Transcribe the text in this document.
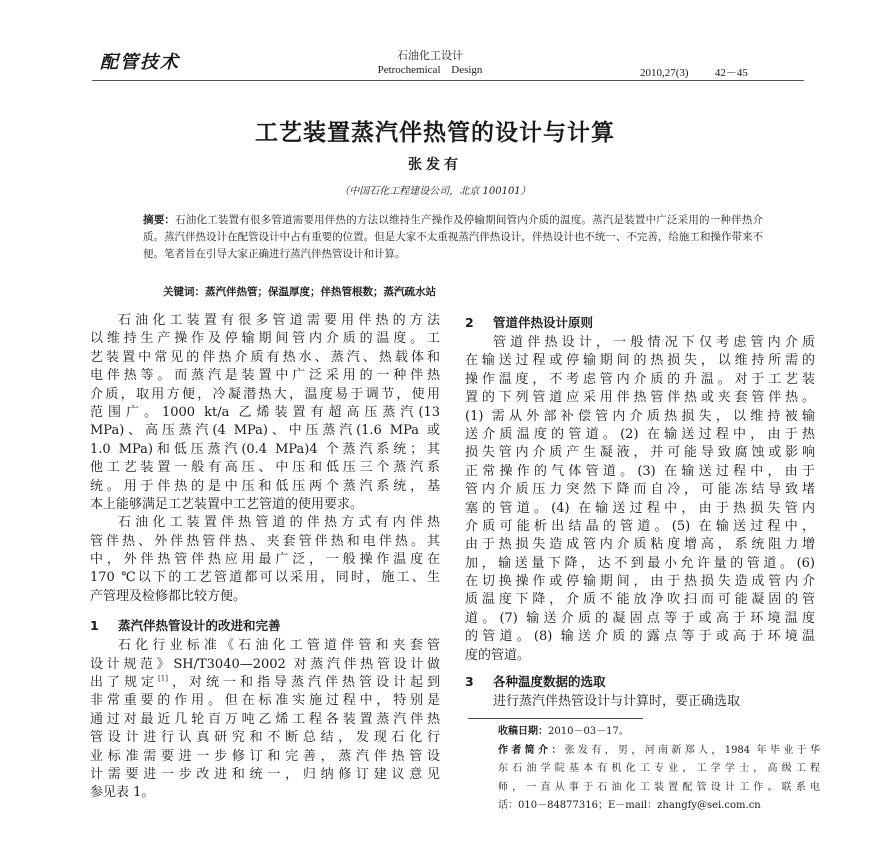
配管技术	石油化工设计
Petrochemical Design	2010,27(3) 42－45
工艺装置蒸汽伴热管的设计与计算
张发有
（中国石化工程建设公司，北京 100101）
摘要：石油化工装置有很多管道需要用伴热的方法以维持生产操作及停输期间管内介质的温度。蒸汽是装置中广泛采用的一种伴热介质。蒸汽伴热设计在配管设计中占有重要的位置。但是大家不太重视蒸汽伴热设计，伴热设计也不统一、不完善，给施工和操作带来不便。笔者旨在引导大家正确进行蒸汽伴热管设计和计算。
关键词：蒸汽伴热管；保温厚度；伴热管根数；蒸汽疏水站
石油化工装置有很多管道需要用伴热的方法
以维持生产操作及停输期间管内介质的温度。工
艺装置中常见的伴热介质有热水、蒸汽、热载体和
电伴热等。而蒸汽是装置中广泛采用的一种伴热
介质，取用方便，冷凝潜热大，温度易于调节，使用
范围广。1000 kt/a 乙烯装置有超高压蒸汽(13
MPa)、高压蒸汽(4 MPa)、中压蒸汽(1.6 MPa 或
1.0 MPa)和低压蒸汽(0.4 MPa)4 个蒸汽系统；其
他工艺装置一般有高压、中压和低压三个蒸汽系
统。用于伴热的是中压和低压两个蒸汽系统，基
本上能够满足工艺装置中工艺管道的使用要求。
石油化工装置伴热管道的伴热方式有内伴热
管伴热、外伴热管伴热、夹套管伴热和电伴热。其
中，外伴热管伴热应用最广泛，一般操作温度在
170 ℃以下的工艺管道都可以采用，同时，施工、生
产管理及检修都比较方便。
1 蒸汽伴热管设计的改进和完善
石化行业标准《石油化工管道伴管和夹套管
设计规范》SH/T3040—2002 对蒸汽伴热管设计做
出了规定[1]，对统一和指导蒸汽伴热管设计起到
非常重要的作用。但在标准实施过程中，特别是
通过对最近几轮百万吨乙烯工程各装置蒸汽伴热
管设计进行认真研究和不断总结，发现石化行
业标准需要进一步修订和完善，蒸汽伴热管设
计需要进一步改进和统一，归纳修订建议意见
参见表 1。
2 管道伴热设计原则
管道伴热设计，一般情况下仅考虑管内介质
在输送过程或停输期间的热损失，以维持所需的
操作温度，不考虑管内介质的升温。对于工艺装
置的下列管道应采用伴热管伴热或夹套管伴热。
(1) 需从外部补偿管内介质热损失，以维持被输
送介质温度的管道。(2) 在输送过程中，由于热
损失管内介质产生凝液，并可能导致腐蚀或影响
正常操作的气体管道。(3) 在输送过程中，由于
管内介质压力突然下降而自冷，可能冻结导致堵
塞的管道。(4) 在输送过程中，由于热损失管内
介质可能析出结晶的管道。(5) 在输送过程中，
由于热损失造成管内介质粘度增高，系统阻力增
加，输送量下降，达不到最小允许量的管道。(6)
在切换操作或停输期间，由于热损失造成管内介
质温度下降，介质不能放净吹扫而可能凝固的管
道。(7) 输送介质的凝固点等于或高于环境温度
的管道。(8) 输送介质的露点等于或高于环境温
度的管道。
3 各种温度数据的选取
进行蒸汽伴热管设计与计算时，要正确选取
收稿日期：2010－03－17。
作者简介：张发有，男，河南新郑人，1984 年毕业于华
东石油学院基本有机化工专业，工学学士，高级工程
师，一直从事于石油化工装置配管设计工作。联系电
话：010－84877316；E－mail：zhangfy@sei.com.cn
